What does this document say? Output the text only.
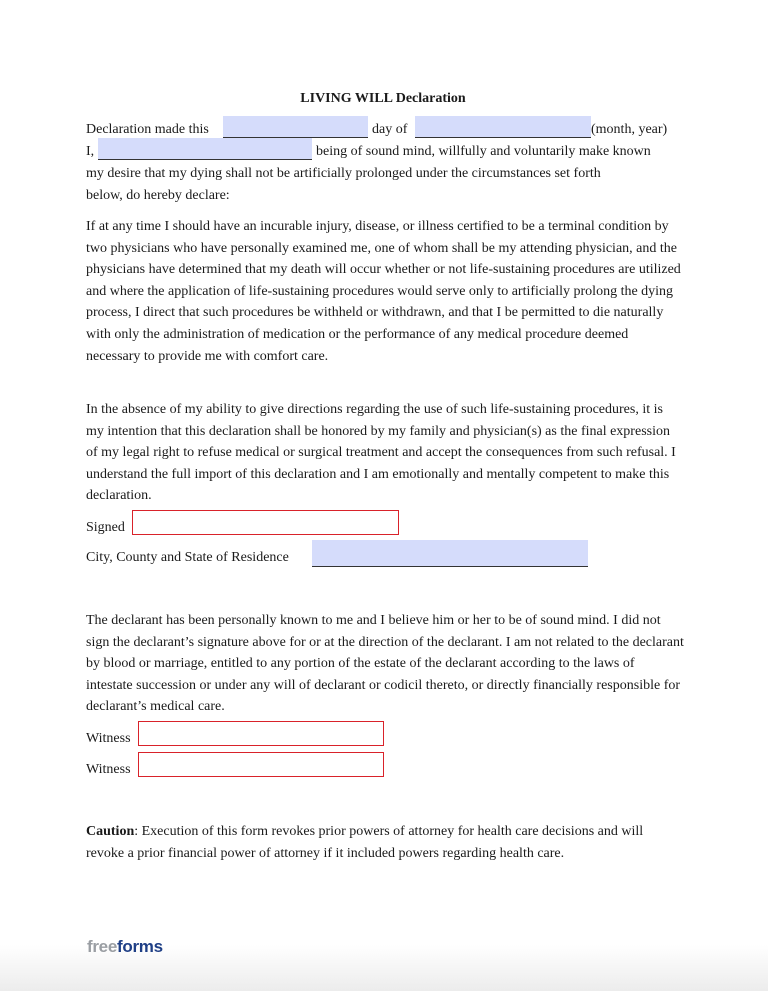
LIVING WILL Declaration
Declaration made this	day of	(month, year)
I,	being of sound mind, willfully and voluntarily make known
my desire that my dying shall not be artificially prolonged under the circumstances set forth
below, do hereby declare:
If at any time I should have an incurable injury, disease, or illness certified to be a terminal condition by two physicians who have personally examined me, one of whom shall be my attending physician, and the physicians have determined that my death will occur whether or not life-sustaining procedures are utilized and where the application of life-sustaining procedures would serve only to artificially prolong the dying process, I direct that such procedures be withheld or withdrawn, and that I be permitted to die naturally with only the administration of medication or the performance of any medical procedure deemed necessary to provide me with comfort care.
In the absence of my ability to give directions regarding the use of such life-sustaining procedures, it is my intention that this declaration shall be honored by my family and physician(s) as the final expression of my legal right to refuse medical or surgical treatment and accept the consequences from such refusal. I understand the full import of this declaration and I am emotionally and mentally competent to make this declaration.
Signed
City, County and State of Residence
The declarant has been personally known to me and I believe him or her to be of sound mind. I did not sign the declarant’s signature above for or at the direction of the declarant. I am not related to the declarant by blood or marriage, entitled to any portion of the estate of the declarant according to the laws of intestate succession or under any will of declarant or codicil thereto, or directly financially responsible for declarant’s medical care.
Witness
Witness
Caution: Execution of this form revokes prior powers of attorney for health care decisions and will revoke a prior financial power of attorney if it included powers regarding health care.
freeforms
